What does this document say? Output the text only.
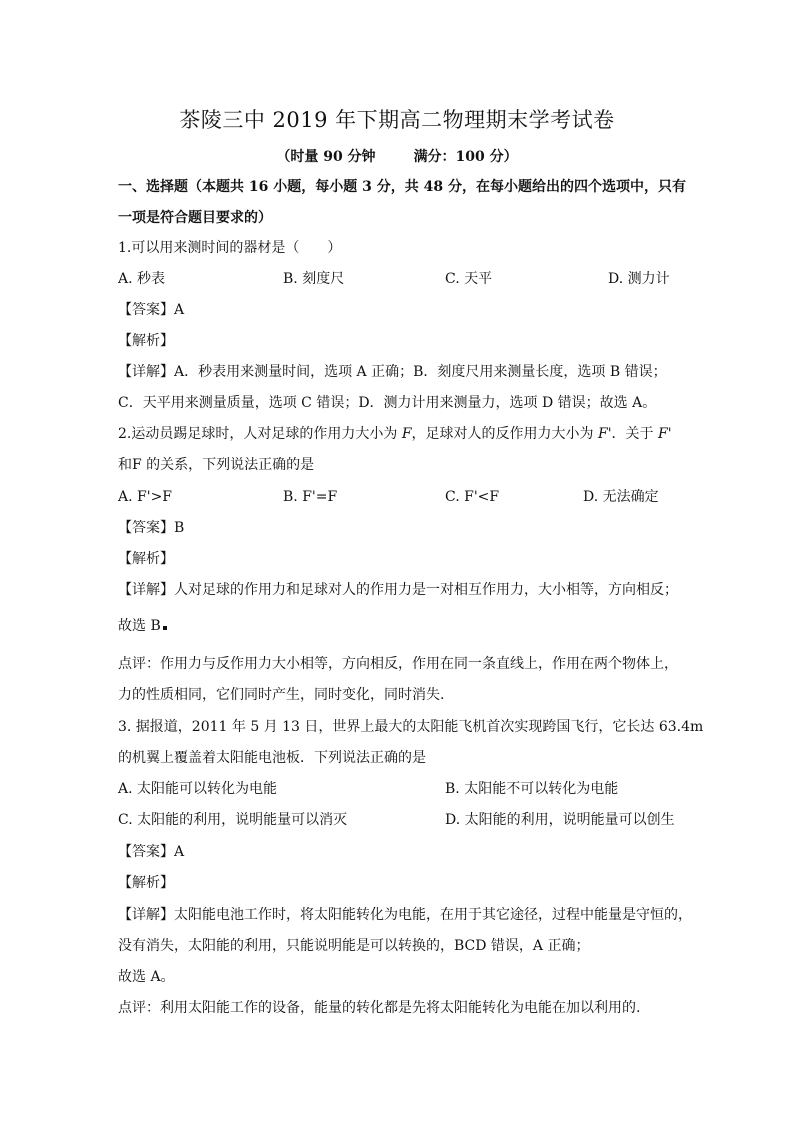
茶陵三中 2019 年下期高二物理期末学考试卷
（时量 90 分钟	满分：100 分）
一、选择题（本题共 16 小题，每小题 3 分，共 48 分，在每小题给出的四个选项中，只有
一项是符合题目要求的）
1.可以用来测时间的器材是（　　）
A. 秒表	B. 刻度尺	C. 天平	D. 测力计
【答案】A
【解析】
【详解】A．秒表用来测量时间，选项 A 正确；B．刻度尺用来测量长度，选项 B 错误；
C．天平用来测量质量，选项 C 错误；D．测力计用来测量力，选项 D 错误；故选 A。
2.运动员踢足球时，人对足球的作用力大小为 F，足球对人的反作用力大小为 F'．关于 F'
和F 的关系，下列说法正确的是
A. F'>F	B. F'=F	C. F'<F	D. 无法确定
【答案】B
【解析】
【详解】人对足球的作用力和足球对人的作用力是一对相互作用力，大小相等，方向相反；
故选 B
点评：作用力与反作用力大小相等，方向相反，作用在同一条直线上，作用在两个物体上，
力的性质相同，它们同时产生，同时变化，同时消失.
3. 据报道，2011 年 5 月 13 日，世界上最大的太阳能飞机首次实现跨国飞行，它长达 63.4m
的机翼上覆盖着太阳能电池板．下列说法正确的是
A. 太阳能可以转化为电能	B. 太阳能不可以转化为电能
C. 太阳能的利用，说明能量可以消灭	D. 太阳能的利用，说明能量可以创生
【答案】A
【解析】
【详解】太阳能电池工作时，将太阳能转化为电能，在用于其它途径，过程中能量是守恒的，
没有消失，太阳能的利用，只能说明能是可以转换的，BCD 错误，A 正确；
故选 A。
点评：利用太阳能工作的设备，能量的转化都是先将太阳能转化为电能在加以利用的.
